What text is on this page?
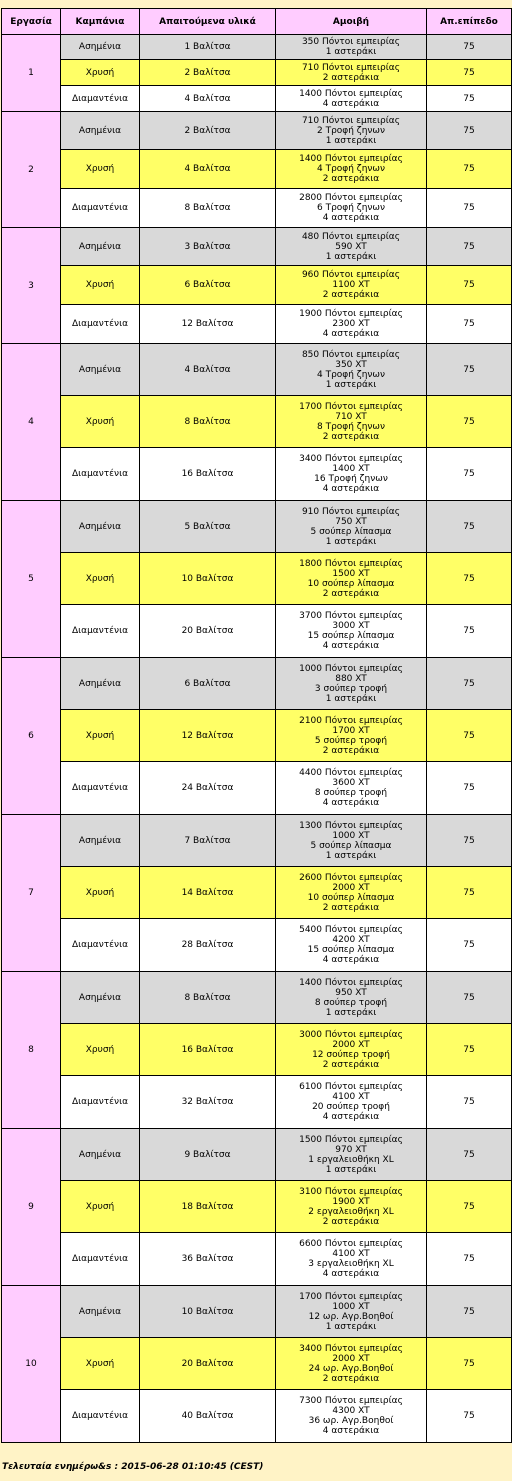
Εργασία	Καμπάνια	Απαιτούμενα υλικά	Αμοιβή	Απ.επίπεδο
1	Ασημένια	1 Βαλίτσα	350 Πόντοι εμπειρίας
1 αστεράκι	75
	Χρυσή	2 Βαλίτσα	710 Πόντοι εμπειρίας
2 αστεράκια	75
	Διαμαντένια	4 Βαλίτσα	1400 Πόντοι εμπειρίας
4 αστεράκια	75
2	Ασημένια	2 Βαλίτσα	710 Πόντοι εμπειρίας
2 Τροφή ζηνων
1 αστεράκι	75
	Χρυσή	4 Βαλίτσα	1400 Πόντοι εμπειρίας
4 Τροφή ζηνων
2 αστεράκια	75
	Διαμαντένια	8 Βαλίτσα	2800 Πόντοι εμπειρίας
6 Τροφή ζηνων
4 αστεράκια	75
3	Ασημένια	3 Βαλίτσα	480 Πόντοι εμπειρίας
590 XT
1 αστεράκι	75
	Χρυσή	6 Βαλίτσα	960 Πόντοι εμπειρίας
1100 XT
2 αστεράκια	75
	Διαμαντένια	12 Βαλίτσα	1900 Πόντοι εμπειρίας
2300 XT
4 αστεράκια	75
4	Ασημένια	4 Βαλίτσα	850 Πόντοι εμπειρίας
350 XT
4 Τροφή ζηνων
1 αστεράκι	75
	Χρυσή	8 Βαλίτσα	1700 Πόντοι εμπειρίας
710 XT
8 Τροφή ζηνων
2 αστεράκια	75
	Διαμαντένια	16 Βαλίτσα	3400 Πόντοι εμπειρίας
1400 XT
16 Τροφή ζηνων
4 αστεράκια	75
5	Ασημένια	5 Βαλίτσα	910 Πόντοι εμπειρίας
750 XT
5 σούπερ λίπασμα
1 αστεράκι	75
	Χρυσή	10 Βαλίτσα	1800 Πόντοι εμπειρίας
1500 XT
10 σούπερ λίπασμα
2 αστεράκια	75
	Διαμαντένια	20 Βαλίτσα	3700 Πόντοι εμπειρίας
3000 XT
15 σούπερ λίπασμα
4 αστεράκια	75
6	Ασημένια	6 Βαλίτσα	1000 Πόντοι εμπειρίας
880 XT
3 σούπερ τροφή
1 αστεράκι	75
	Χρυσή	12 Βαλίτσα	2100 Πόντοι εμπειρίας
1700 XT
5 σούπερ τροφή
2 αστεράκια	75
	Διαμαντένια	24 Βαλίτσα	4400 Πόντοι εμπειρίας
3600 XT
8 σούπερ τροφή
4 αστεράκια	75
7	Ασημένια	7 Βαλίτσα	1300 Πόντοι εμπειρίας
1000 XT
5 σούπερ λίπασμα
1 αστεράκι	75
	Χρυσή	14 Βαλίτσα	2600 Πόντοι εμπειρίας
2000 XT
10 σούπερ λίπασμα
2 αστεράκια	75
	Διαμαντένια	28 Βαλίτσα	5400 Πόντοι εμπειρίας
4200 XT
15 σούπερ λίπασμα
4 αστεράκια	75
8	Ασημένια	8 Βαλίτσα	1400 Πόντοι εμπειρίας
950 XT
8 σούπερ τροφή
1 αστεράκι	75
	Χρυσή	16 Βαλίτσα	3000 Πόντοι εμπειρίας
2000 XT
12 σούπερ τροφή
2 αστεράκια	75
	Διαμαντένια	32 Βαλίτσα	6100 Πόντοι εμπειρίας
4100 XT
20 σούπερ τροφή
4 αστεράκια	75
9	Ασημένια	9 Βαλίτσα	1500 Πόντοι εμπειρίας
970 XT
1 εργαλειοθήκη XL
1 αστεράκι	75
	Χρυσή	18 Βαλίτσα	3100 Πόντοι εμπειρίας
1900 XT
2 εργαλειοθήκη XL
2 αστεράκια	75
	Διαμαντένια	36 Βαλίτσα	6600 Πόντοι εμπειρίας
4100 XT
3 εργαλειοθήκη XL
4 αστεράκια	75
10	Ασημένια	10 Βαλίτσα	1700 Πόντοι εμπειρίας
1000 XT
12 ωρ. Αγρ.Βοηθοί
1 αστεράκι	75
	Χρυσή	20 Βαλίτσα	3400 Πόντοι εμπειρίας
2000 XT
24 ωρ. Αγρ.Βοηθοί
2 αστεράκια	75
	Διαμαντένια	40 Βαλίτσα	7300 Πόντοι εμπειρίας
4300 XT
36 ωρ. Αγρ.Βοηθοί
4 αστεράκια	75
Τελευταία ενημέρω&s : 2015-06-28 01:10:45 (CEST)
